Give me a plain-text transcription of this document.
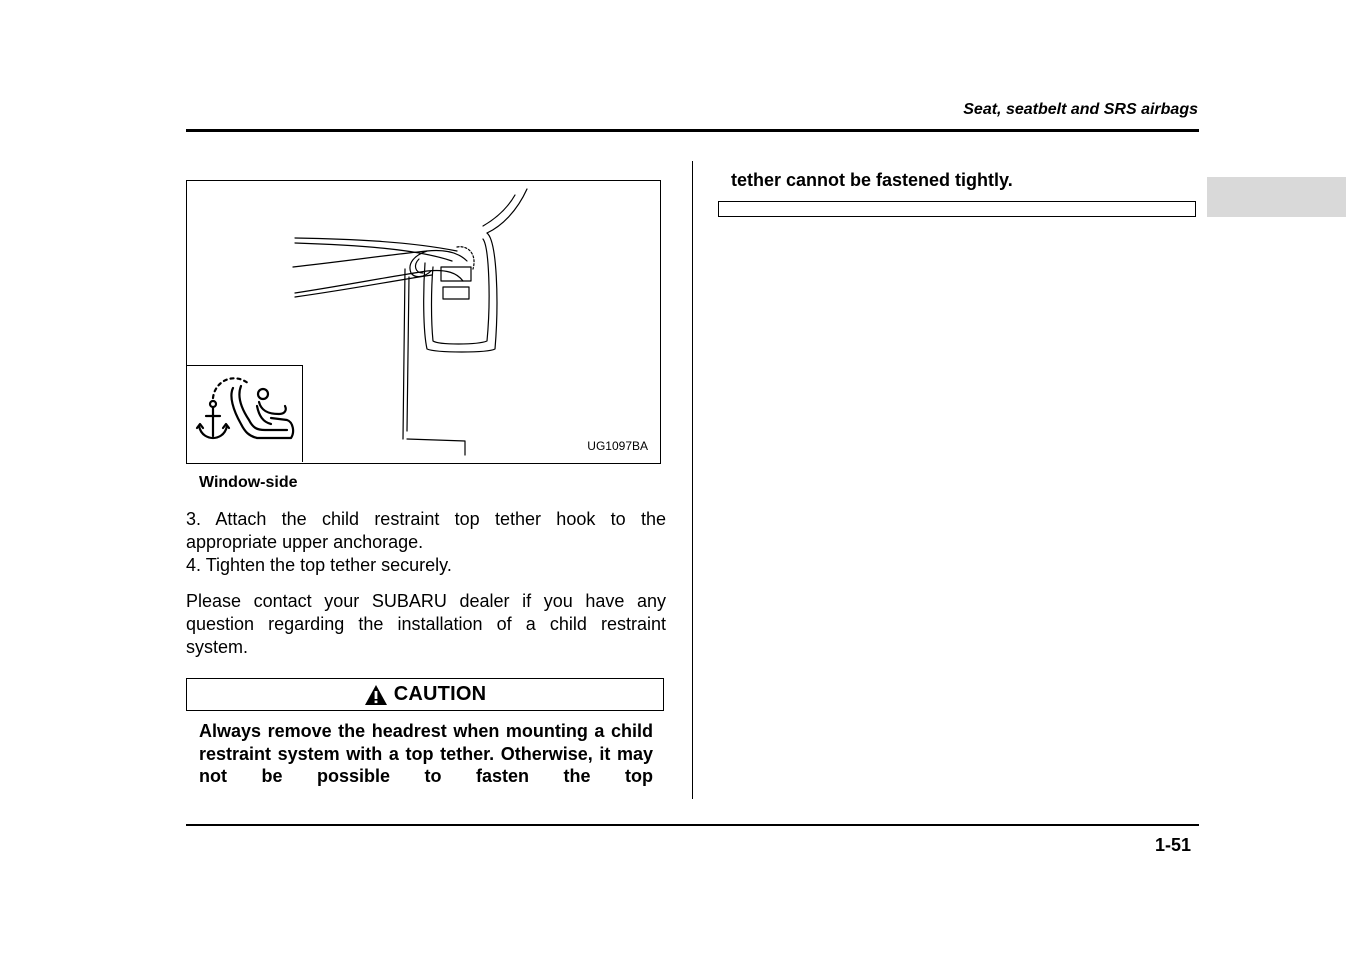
Seat, seatbelt and SRS airbags
UG1097BA
Window-side
3. Attach the child restraint top tether hook to the appropriate upper anchorage.
4. Tighten the top tether securely.
Please contact your SUBARU dealer if you have any question regarding the installation of a child restraint system.
CAUTION
Always remove the headrest when mounting a child restraint system with a top tether. Otherwise, it may not be possible to fasten the top
tether cannot be fastened tightly.
1-51
